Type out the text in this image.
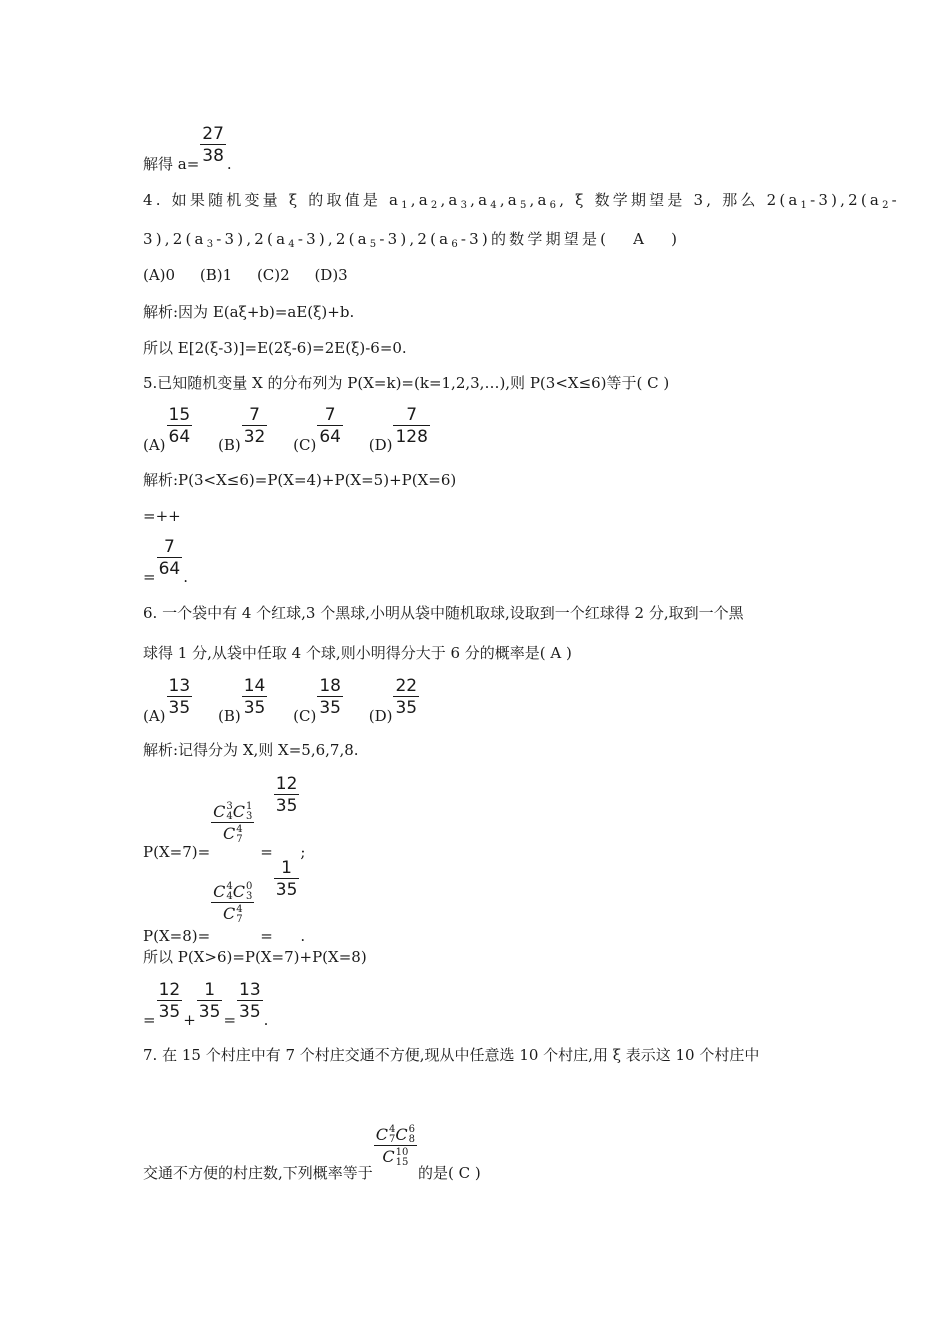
解得 $a= \frac{27}{38}$ .
4. 如果随机变量 ξ 的取值是 $a_1,a_2,a_3,a_4,a_5,a_6$, ξ 数学期望是 3, 那么 $2(a_1-3),2(a_2-$
$3),2(a_3-3),2(a_4-3),2(a_5-3),2(a_6-3)$的数学期望是(   A   )
(A)0 (B)1 (C)2 (D)3
解析:因为 E(aξ+b)=aE(ξ)+b.
所以 E[2(ξ-3)]=E(2ξ-6)=2E(ξ)-6=0.
5.已知随机变量 X 的分布列为 P(X=k)=(k=1,2,3,…),则 P(3<X≤6)等于( C )
$(A) \frac{15}{64} (B) \frac{7}{32} (C) \frac{7}{64} (D) \frac{7}{128}$
解析:P(3<X≤6)=P(X=4)+P(X=5)+P(X=6)
=++
= $\frac{7}{64}$ .
6. 一个袋中有 4 个红球,3 个黑球,小明从袋中随机取球,设取到一个红球得 2 分,取到一个黑
球得 1 分,从袋中任取 4 个球,则小明得分大于 6 分的概率是( A )
$(A) \frac{13}{35} (B) \frac{14}{35} (C) \frac{18}{35} (D) \frac{22}{35}$
解析:记得分为 X,则 X=5,6,7,8.
P(X=7)=
C 3
4 C 1
3
C 4
7
=
$\frac{12}{35}$
;
P(X=8)=
C 4
4 C 0
3
C 4
7
=
$\frac{1}{35}$
.
所以 P(X>6)=P(X=7)+P(X=8)
= $\frac{12}{35} + \frac{1}{35} = \frac{13}{35}$ .
7. 在 15 个村庄中有 7 个村庄交通不方便,现从中任意选 10 个村庄,用 ξ 表示这 10 个村庄中
交通不方便的村庄数,下列概率等于
C 4
7 C 6
8
C 10
15
的是( C )
